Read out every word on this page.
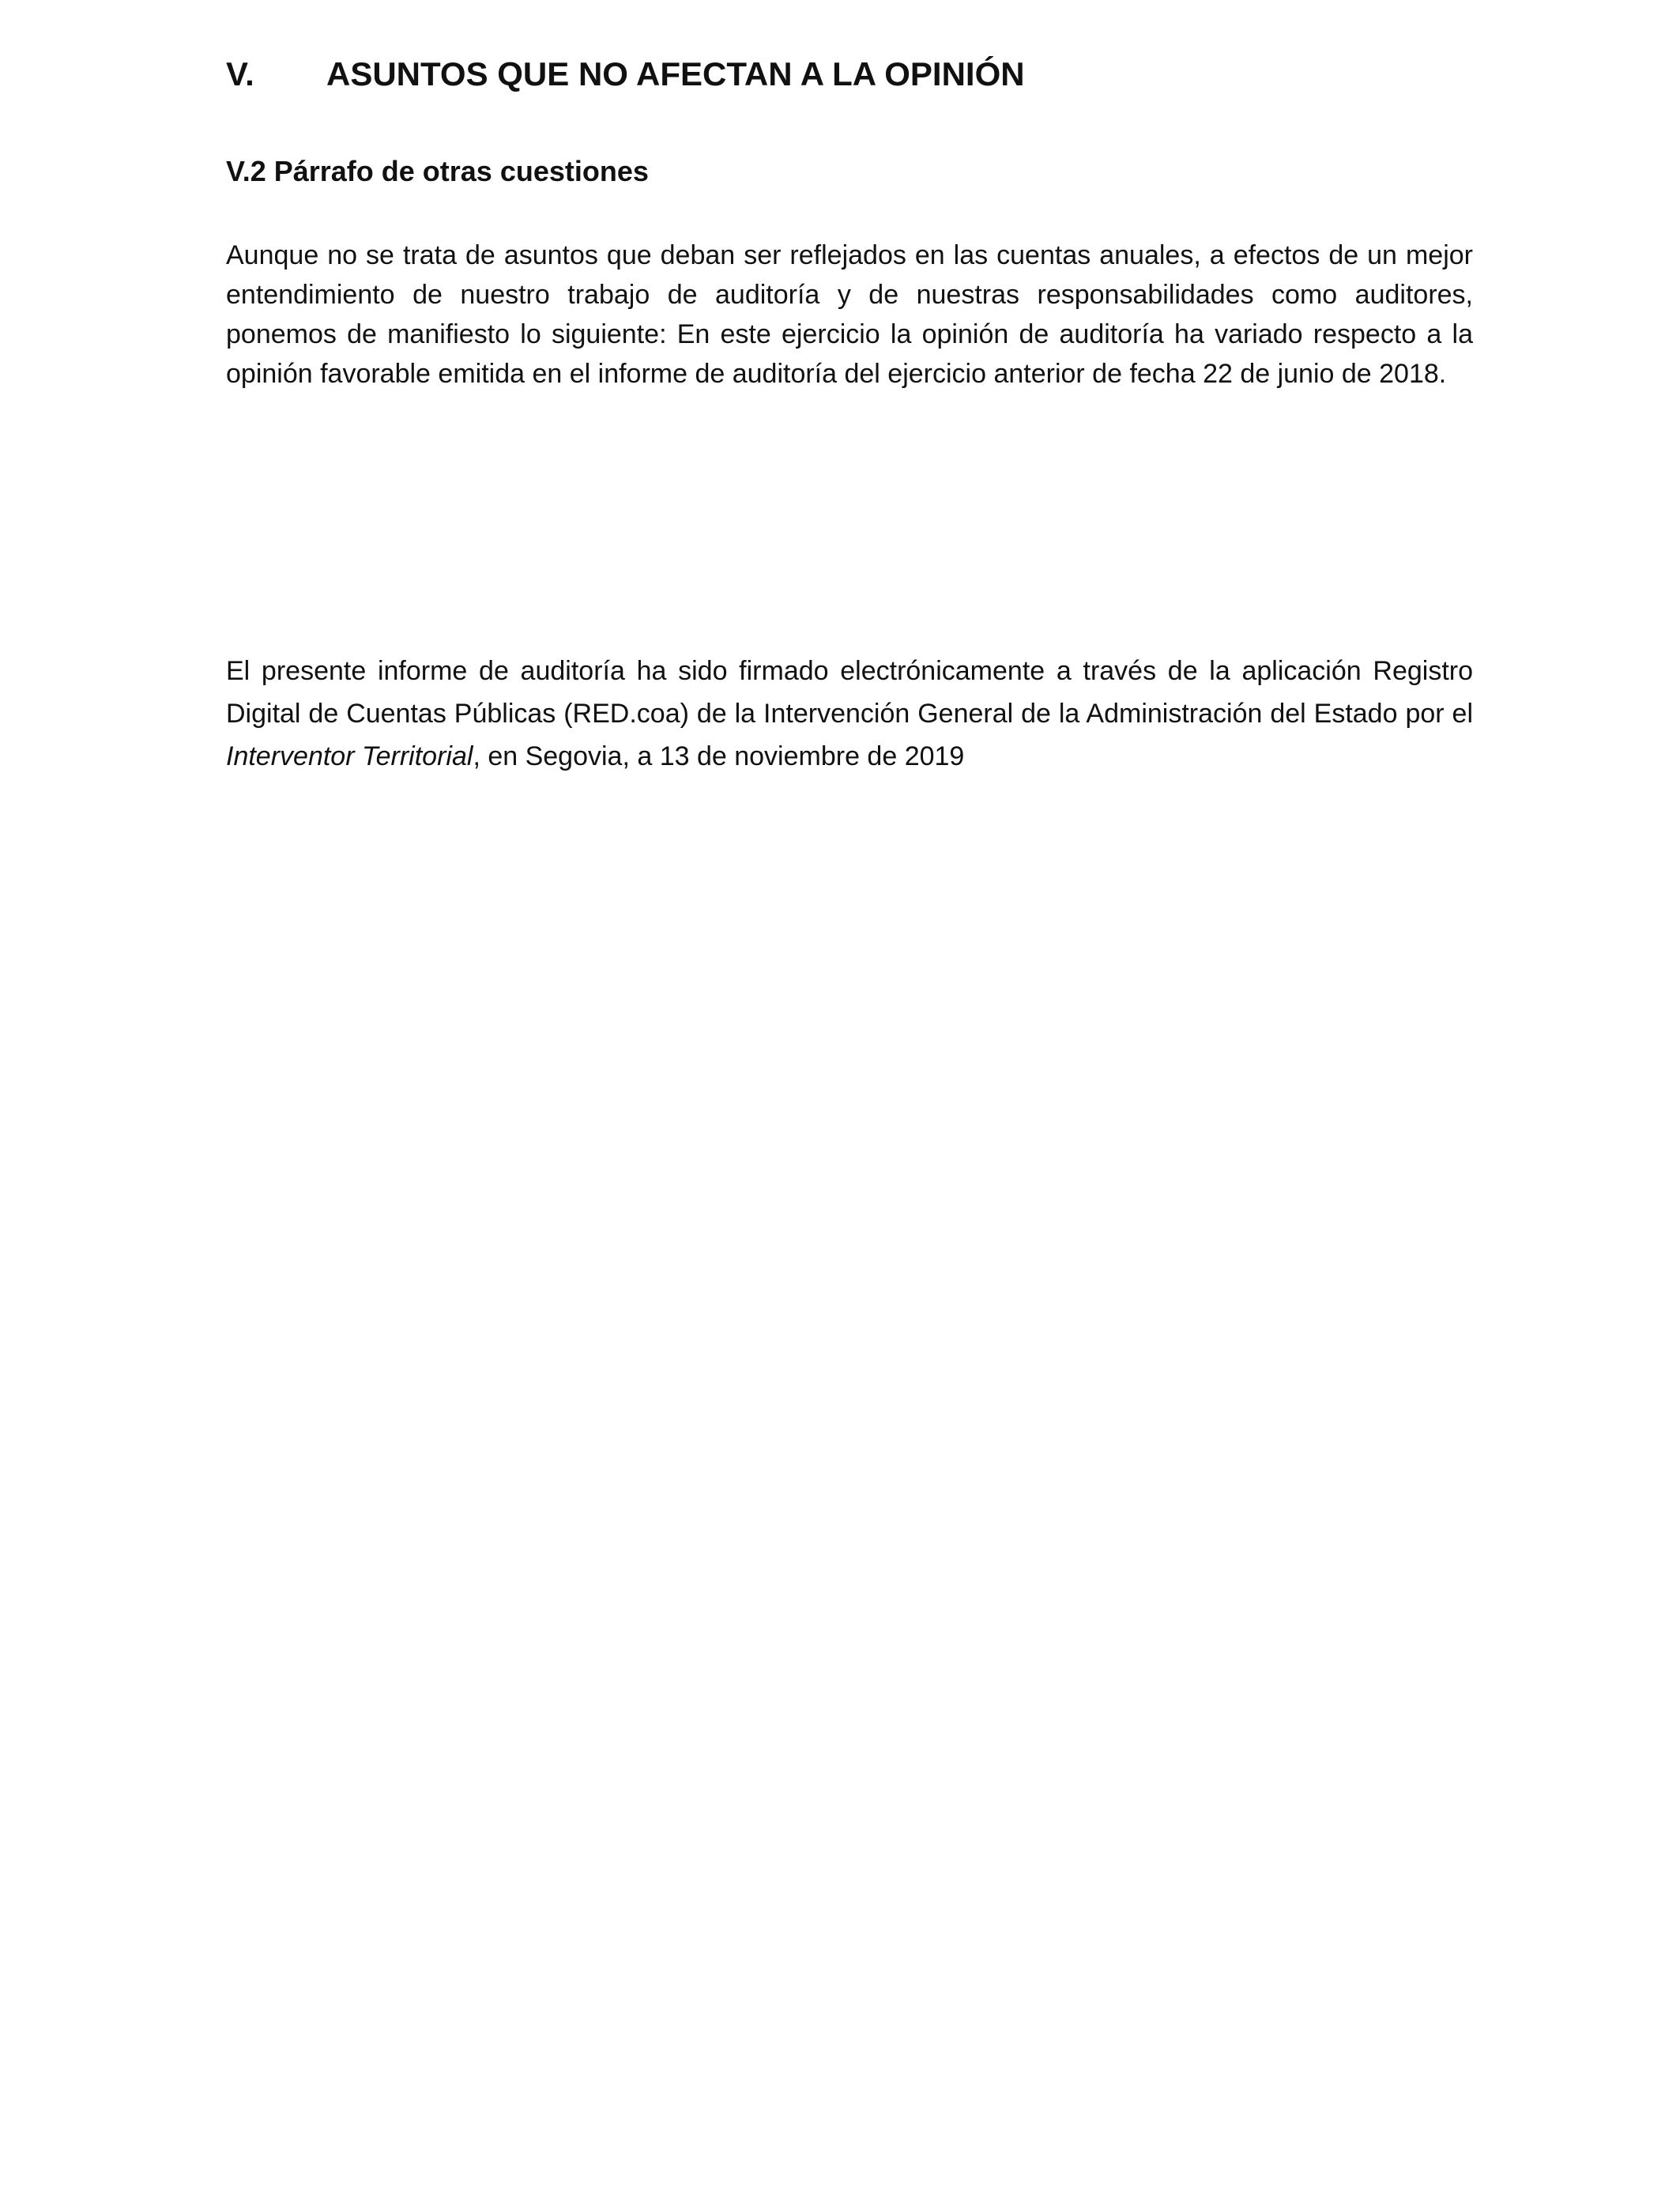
V. ASUNTOS QUE NO AFECTAN A LA OPINIÓN
V.2 Párrafo de otras cuestiones

Aunque no se trata de asuntos que deban ser reflejados en las cuentas anuales, a efectos de un mejor entendimiento de nuestro trabajo de auditoría y de nuestras responsabilidades como auditores, ponemos de manifiesto lo siguiente: En este ejercicio la opinión de auditoría ha variado respecto a la opinión favorable emitida en el informe de auditoría del ejercicio anterior de fecha 22 de junio de 2018.

El presente informe de auditoría ha sido firmado electrónicamente a través de la aplicación Registro Digital de Cuentas Públicas (RED.coa) de la Intervención General de la Administración del Estado por el Interventor Territorial, en Segovia, a 13 de noviembre de 2019
